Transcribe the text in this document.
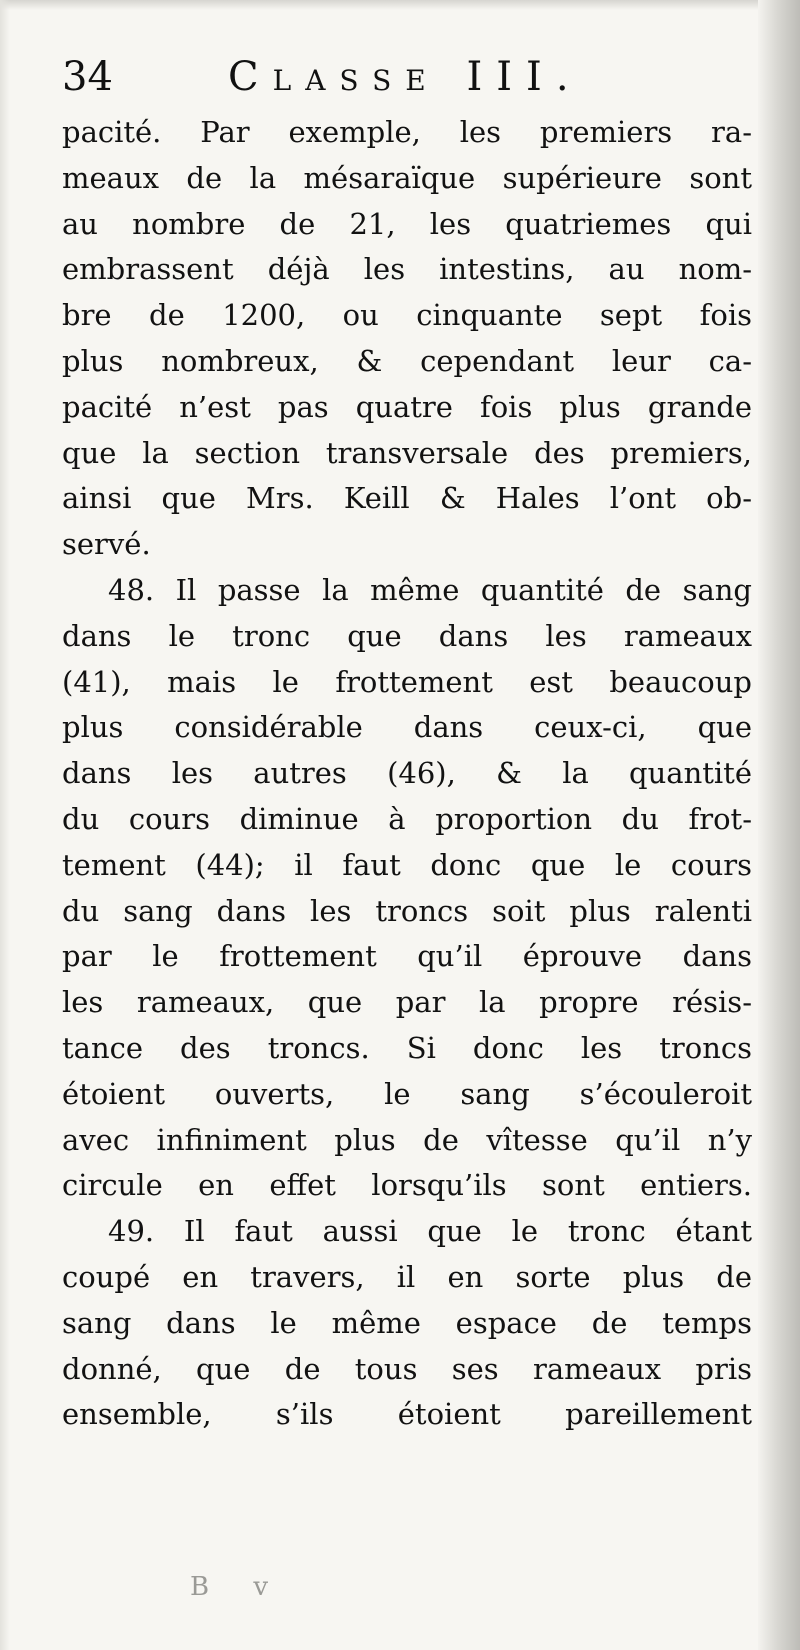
34	Classe III.
pacité. Par exemple, les premiers ra-
meaux de la mésaraïque supérieure sont
au nombre de 21, les quatriemes qui
embrassent déjà les intestins, au nom-
bre de 1200, ou cinquante sept fois
plus nombreux, & cependant leur ca-
pacité n’est pas quatre fois plus grande
que la section transversale des premiers,
ainsi que Mrs. Keill & Hales l’ont ob-
servé.
48. Il passe la même quantité de sang
dans le tronc que dans les rameaux
(41), mais le frottement est beaucoup
plus considérable dans ceux-ci, que
dans les autres (46), & la quantité
du cours diminue à proportion du frot-
tement (44); il faut donc que le cours
du sang dans les troncs soit plus ralenti
par le frottement qu’il éprouve dans
les rameaux, que par la propre résis-
tance des troncs. Si donc les troncs
étoient ouverts, le sang s’écouleroit
avec infiniment plus de vîtesse qu’il n’y
circule en effet lorsqu’ils sont entiers.
49. Il faut aussi que le tronc étant
coupé en travers, il en sorte plus de
sang dans le même espace de temps
donné, que de tous ses rameaux pris
ensemble, s’ils étoient pareillement
B v
